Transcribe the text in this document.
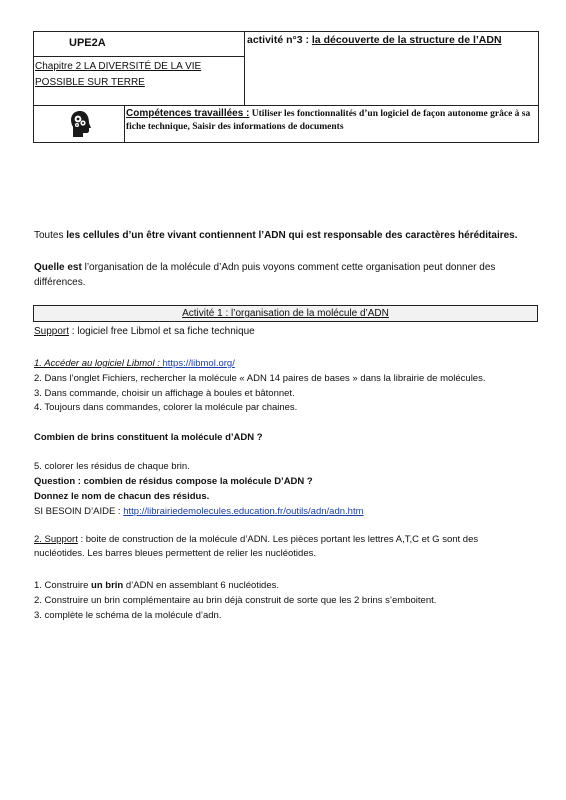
UPE2A
Chapitre 2 LA DIVERSITÉ DE LA VIE
POSSIBLE SUR TERRE
activité n°3 : la découverte de la structure de l’ADN
Compétences travaillées : Utiliser les fonctionnalités d’un logiciel de façon autonome grâce à sa fiche technique, Saisir des informations de documents
Toutes les cellules d’un être vivant contiennent l’ADN qui est responsable des caractères héréditaires.
Quelle est l’organisation de la molécule d’Adn puis voyons comment cette organisation peut donner des différences.
Activité 1 : l’organisation de la molécule d’ADN
Support : logiciel free Libmol et sa fiche technique
1. Accéder au logiciel Libmol : https://libmol.org/
2. Dans l’onglet Fichiers, rechercher la molécule « ADN 14 paires de bases » dans la librairie de molécules.
3. Dans commande, choisir un affichage à boules et bâtonnet.
4. Toujours dans commandes, colorer la molécule par chaines.
Combien de brins constituent la molécule d’ADN ?
5. colorer les résidus de chaque brin.
Question : combien de résidus compose la molécule D’ADN ?
Donnez le nom de chacun des résidus.
SI BESOIN D’AIDE : http://librairiedemolecules.education.fr/outils/adn/adn.htm
2. Support : boite de construction de la molécule d’ADN. Les pièces portant les lettres A,T,C et G sont des nucléotides. Les barres bleues permettent de relier les nucléotides.
1. Construire un brin d’ADN en assemblant 6 nucléotides.
2. Construire un brin complémentaire au brin déjà construit de sorte que les 2 brins s’emboitent.
3. complète le schéma de la molécule d’adn.
